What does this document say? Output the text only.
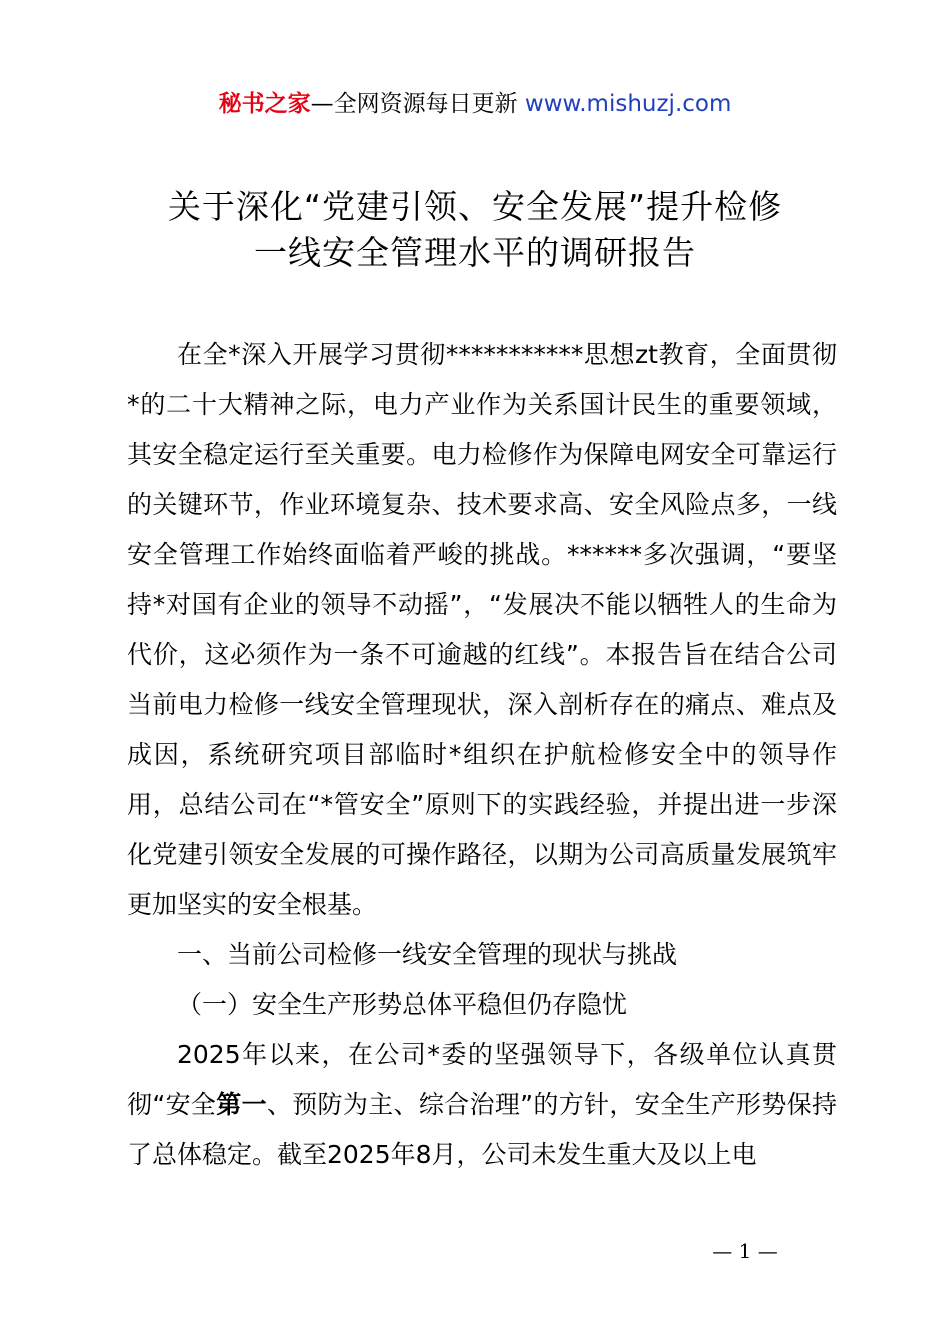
秘书之家—全网资源每日更新 www.mishuzj.com
关于深化“党建引领、安全发展”提升检修
一线安全管理水平的调研报告

在全*深入开展学习贯彻***********思想zt教育，全面贯彻*的二十大精神之际，电力产业作为关系国计民生的重要领域，其安全稳定运行至关重要。电力检修作为保障电网安全可靠运行的关键环节，作业环境复杂、技术要求高、安全风险点多，一线安全管理工作始终面临着严峻的挑战。******多次强调，“要坚持*对国有企业的领导不动摇”，“发展决不能以牺牲人的生命为代价，这必须作为一条不可逾越的红线”。本报告旨在结合公司当前电力检修一线安全管理现状，深入剖析存在的痛点、难点及成因，系统研究项目部临时*组织在护航检修安全中的领导作用，总结公司在“*管安全”原则下的实践经验，并提出进一步深化党建引领安全发展的可操作路径，以期为公司高质量发展筑牢更加坚实的安全根基。

一、当前公司检修一线安全管理的现状与挑战

（一）安全生产形势总体平稳但仍存隐忧

2025年以来，在公司*委的坚强领导下，各级单位认真贯彻“安全第一、预防为主、综合治理”的方针，安全生产形势保持了总体稳定。截至2025年8月，公司未发生重大及以上电

— 1 —
